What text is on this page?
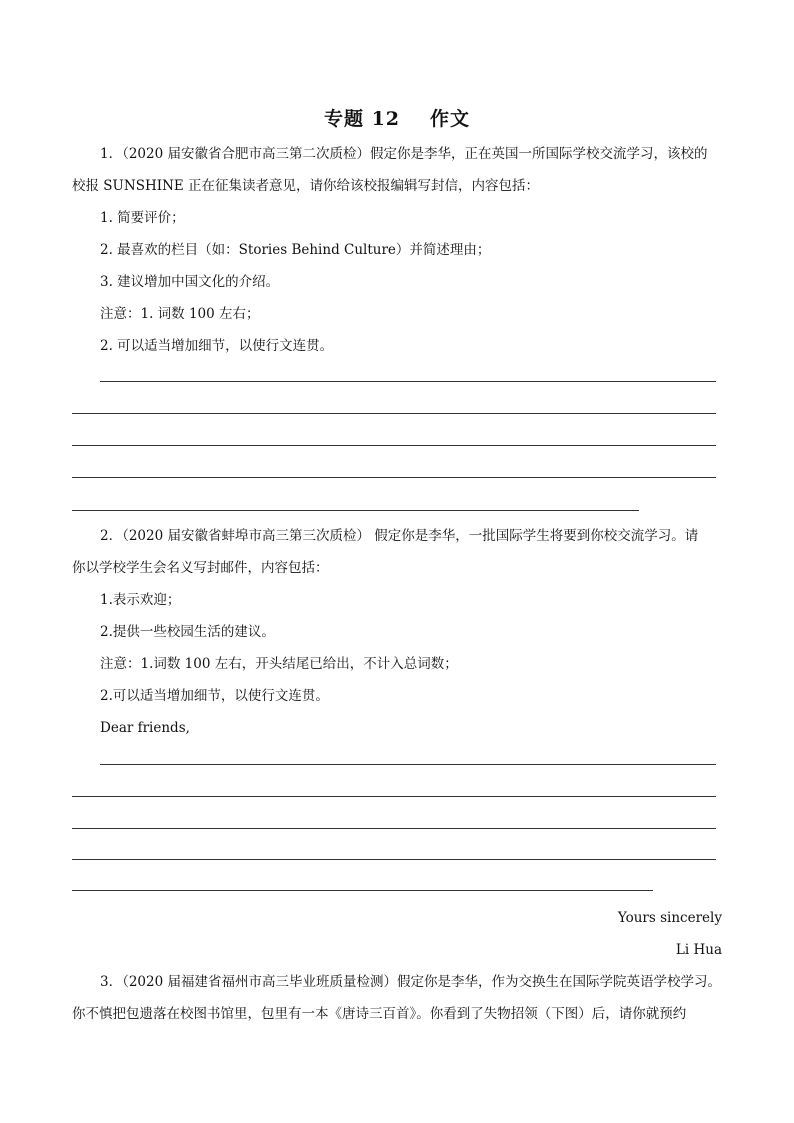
专题 12 作文
1．（2020 届安徽省合肥市高三第二次质检）假定你是李华，正在英国一所国际学校交流学习，该校的
校报 SUNSHINE 正在征集读者意见，请你给该校报编辑写封信，内容包括：
1. 简要评价；
2. 最喜欢的栏目（如：Stories Behind Culture）并简述理由；
3. 建议增加中国文化的介绍。
注意：1. 词数 100 左右；
2. 可以适当增加细节，以使行文连贯。
2．（2020 届安徽省蚌埠市高三第三次质检） 假定你是李华，一批国际学生将要到你校交流学习。请
你以学校学生会名义写封邮件，内容包括：
1.表示欢迎；
2.提供一些校园生活的建议。
注意：1.词数 100 左右，开头结尾已给出，不计入总词数；
2.可以适当增加细节，以使行文连贯。
Dear friends,
Yours sincerely
Li Hua
3．（2020 届福建省福州市高三毕业班质量检测）假定你是李华，作为交换生在国际学院英语学校学习。
你不慎把包遗落在校图书馆里，包里有一本《唐诗三百首》。你看到了失物招领（下图）后，请你就预约
